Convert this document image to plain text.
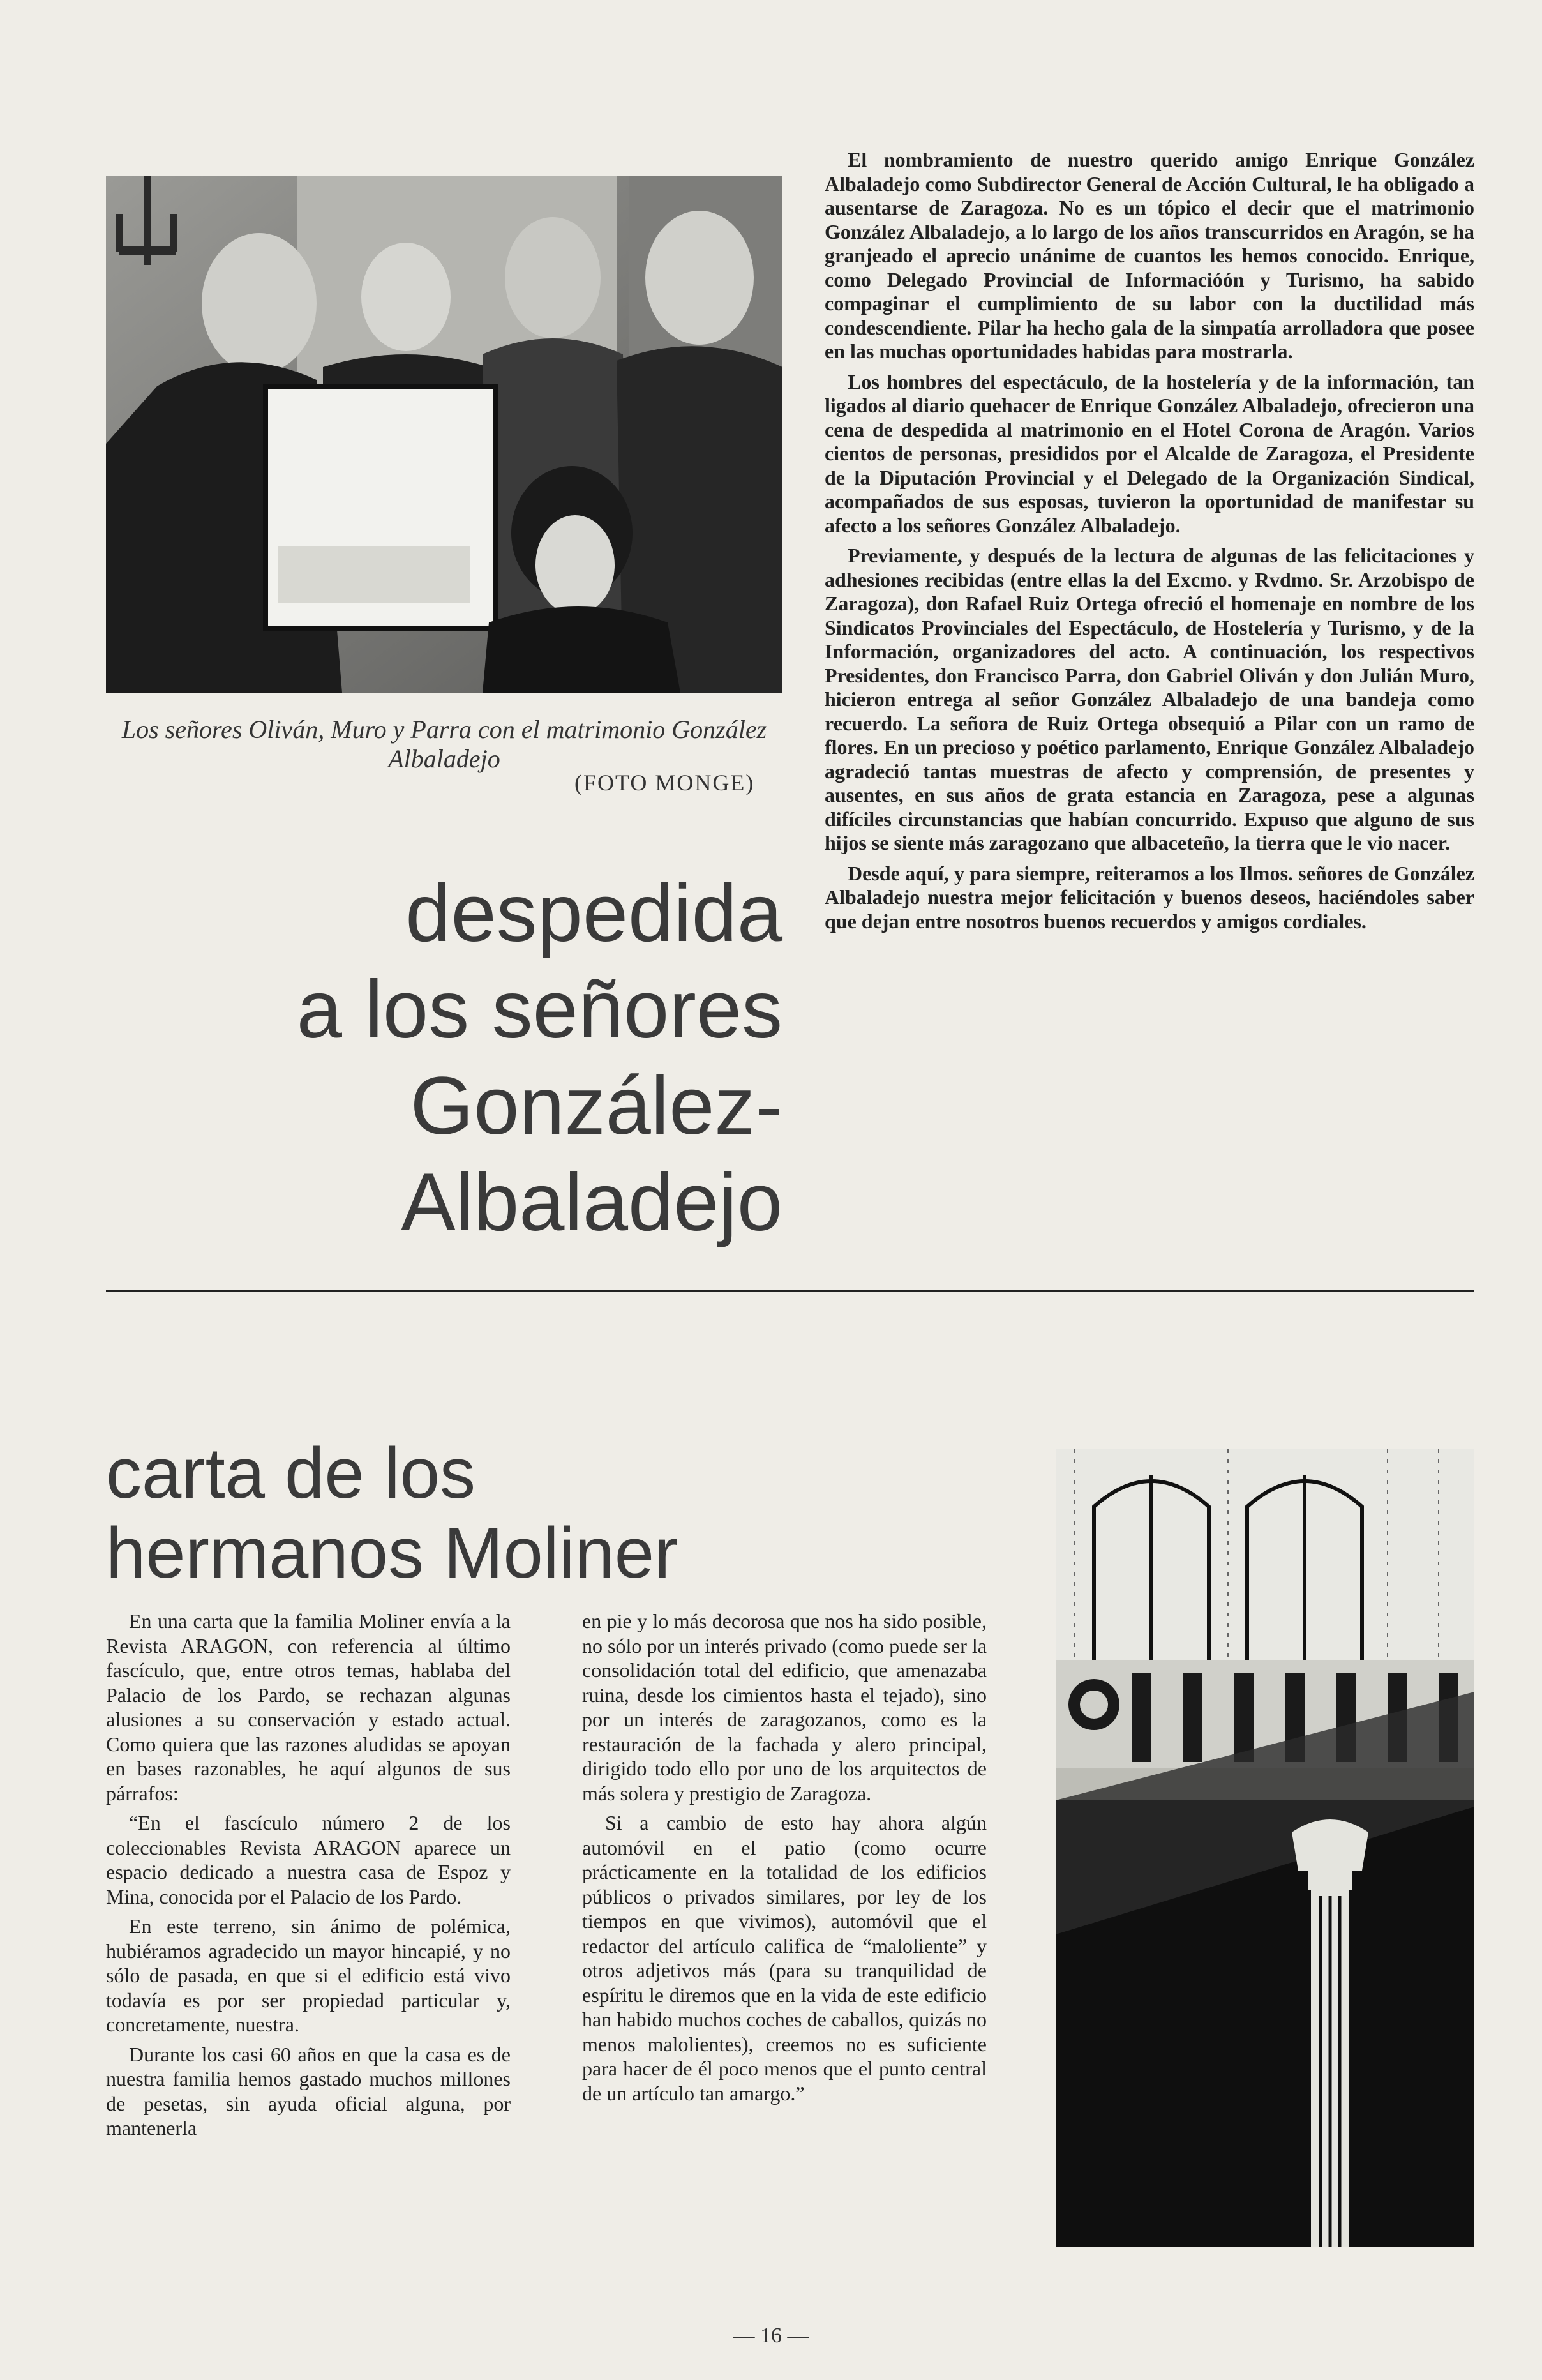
Los señores Oliván, Muro y Parra con el matrimonio González Albaladejo
(FOTO MONGE)
despedida
a los señores
González-Albaladejo

El nombramiento de nuestro querido amigo Enrique González Albaladejo como Subdirector General de Acción Cultural, le ha obligado a ausentarse de Zaragoza. No es un tópico el decir que el matrimonio González Albaladejo, a lo largo de los años transcurridos en Aragón, se ha granjeado el aprecio unánime de cuantos les hemos conocido. Enrique, como Delegado Provincial de Informacióón y Turismo, ha sabido compaginar el cumplimiento de su labor con la ductilidad más condescendiente. Pilar ha hecho gala de la simpatía arrolladora que posee en las muchas oportunidades habidas para mostrarla.

Los hombres del espectáculo, de la hostelería y de la información, tan ligados al diario quehacer de Enrique González Albaladejo, ofrecieron una cena de despedida al matrimonio en el Hotel Corona de Aragón. Varios cientos de personas, presididos por el Alcalde de Zaragoza, el Presidente de la Diputación Provincial y el Delegado de la Organización Sindical, acompañados de sus esposas, tuvieron la oportunidad de manifestar su afecto a los señores González Albaladejo.

Previamente, y después de la lectura de algunas de las felicitaciones y adhesiones recibidas (entre ellas la del Excmo. y Rvdmo. Sr. Arzobispo de Zaragoza), don Rafael Ruiz Ortega ofreció el homenaje en nombre de los Sindicatos Provinciales del Espectáculo, de Hostelería y Turismo, y de la Información, organizadores del acto. A continuación, los respectivos Presidentes, don Francisco Parra, don Gabriel Oliván y don Julián Muro, hicieron entrega al señor González Albaladejo de una bandeja como recuerdo. La señora de Ruiz Ortega obsequió a Pilar con un ramo de flores. En un precioso y poético parlamento, Enrique González Albaladejo agradeció tantas muestras de afecto y comprensión, de presentes y ausentes, en sus años de grata estancia en Zaragoza, pese a algunas difíciles circunstancias que habían concurrido. Expuso que alguno de sus hijos se siente más zaragozano que albaceteño, la tierra que le vio nacer.

Desde aquí, y para siempre, reiteramos a los Ilmos. señores de González Albaladejo nuestra mejor felicitación y buenos deseos, haciéndoles saber que dejan entre nosotros buenos recuerdos y amigos cordiales.

carta de los
hermanos Moliner

En una carta que la familia Moliner envía a la Revista ARAGON, con referencia al último fascículo, que, entre otros temas, hablaba del Palacio de los Pardo, se rechazan algunas alusiones a su conservación y estado actual. Como quiera que las razones aludidas se apoyan en bases razonables, he aquí algunos de sus párrafos:

“En el fascículo número 2 de los coleccionables Revista ARAGON aparece un espacio dedicado a nuestra casa de Espoz y Mina, conocida por el Palacio de los Pardo.

En este terreno, sin ánimo de polémica, hubiéramos agradecido un mayor hincapié, y no sólo de pasada, en que si el edificio está vivo todavía es por ser propiedad particular y, concretamente, nuestra.

Durante los casi 60 años en que la casa es de nuestra familia hemos gastado muchos millones de pesetas, sin ayuda oficial alguna, por mantenerla

en pie y lo más decorosa que nos ha sido posible, no sólo por un interés privado (como puede ser la consolidación total del edificio, que amenazaba ruina, desde los cimientos hasta el tejado), sino por un interés de zaragozanos, como es la restauración de la fachada y alero principal, dirigido todo ello por uno de los arquitectos de más solera y prestigio de Zaragoza.

Si a cambio de esto hay ahora algún automóvil en el patio (como ocurre prácticamente en la totalidad de los edificios públicos o privados similares, por ley de los tiempos en que vivimos), automóvil que el redactor del artículo califica de “maloliente” y otros adjetivos más (para su tranquilidad de espíritu le diremos que en la vida de este edificio han habido muchos coches de caballos, quizás no menos malolientes), creemos no es suficiente para hacer de él poco menos que el punto central de un artículo tan amargo.”

— 16 —
